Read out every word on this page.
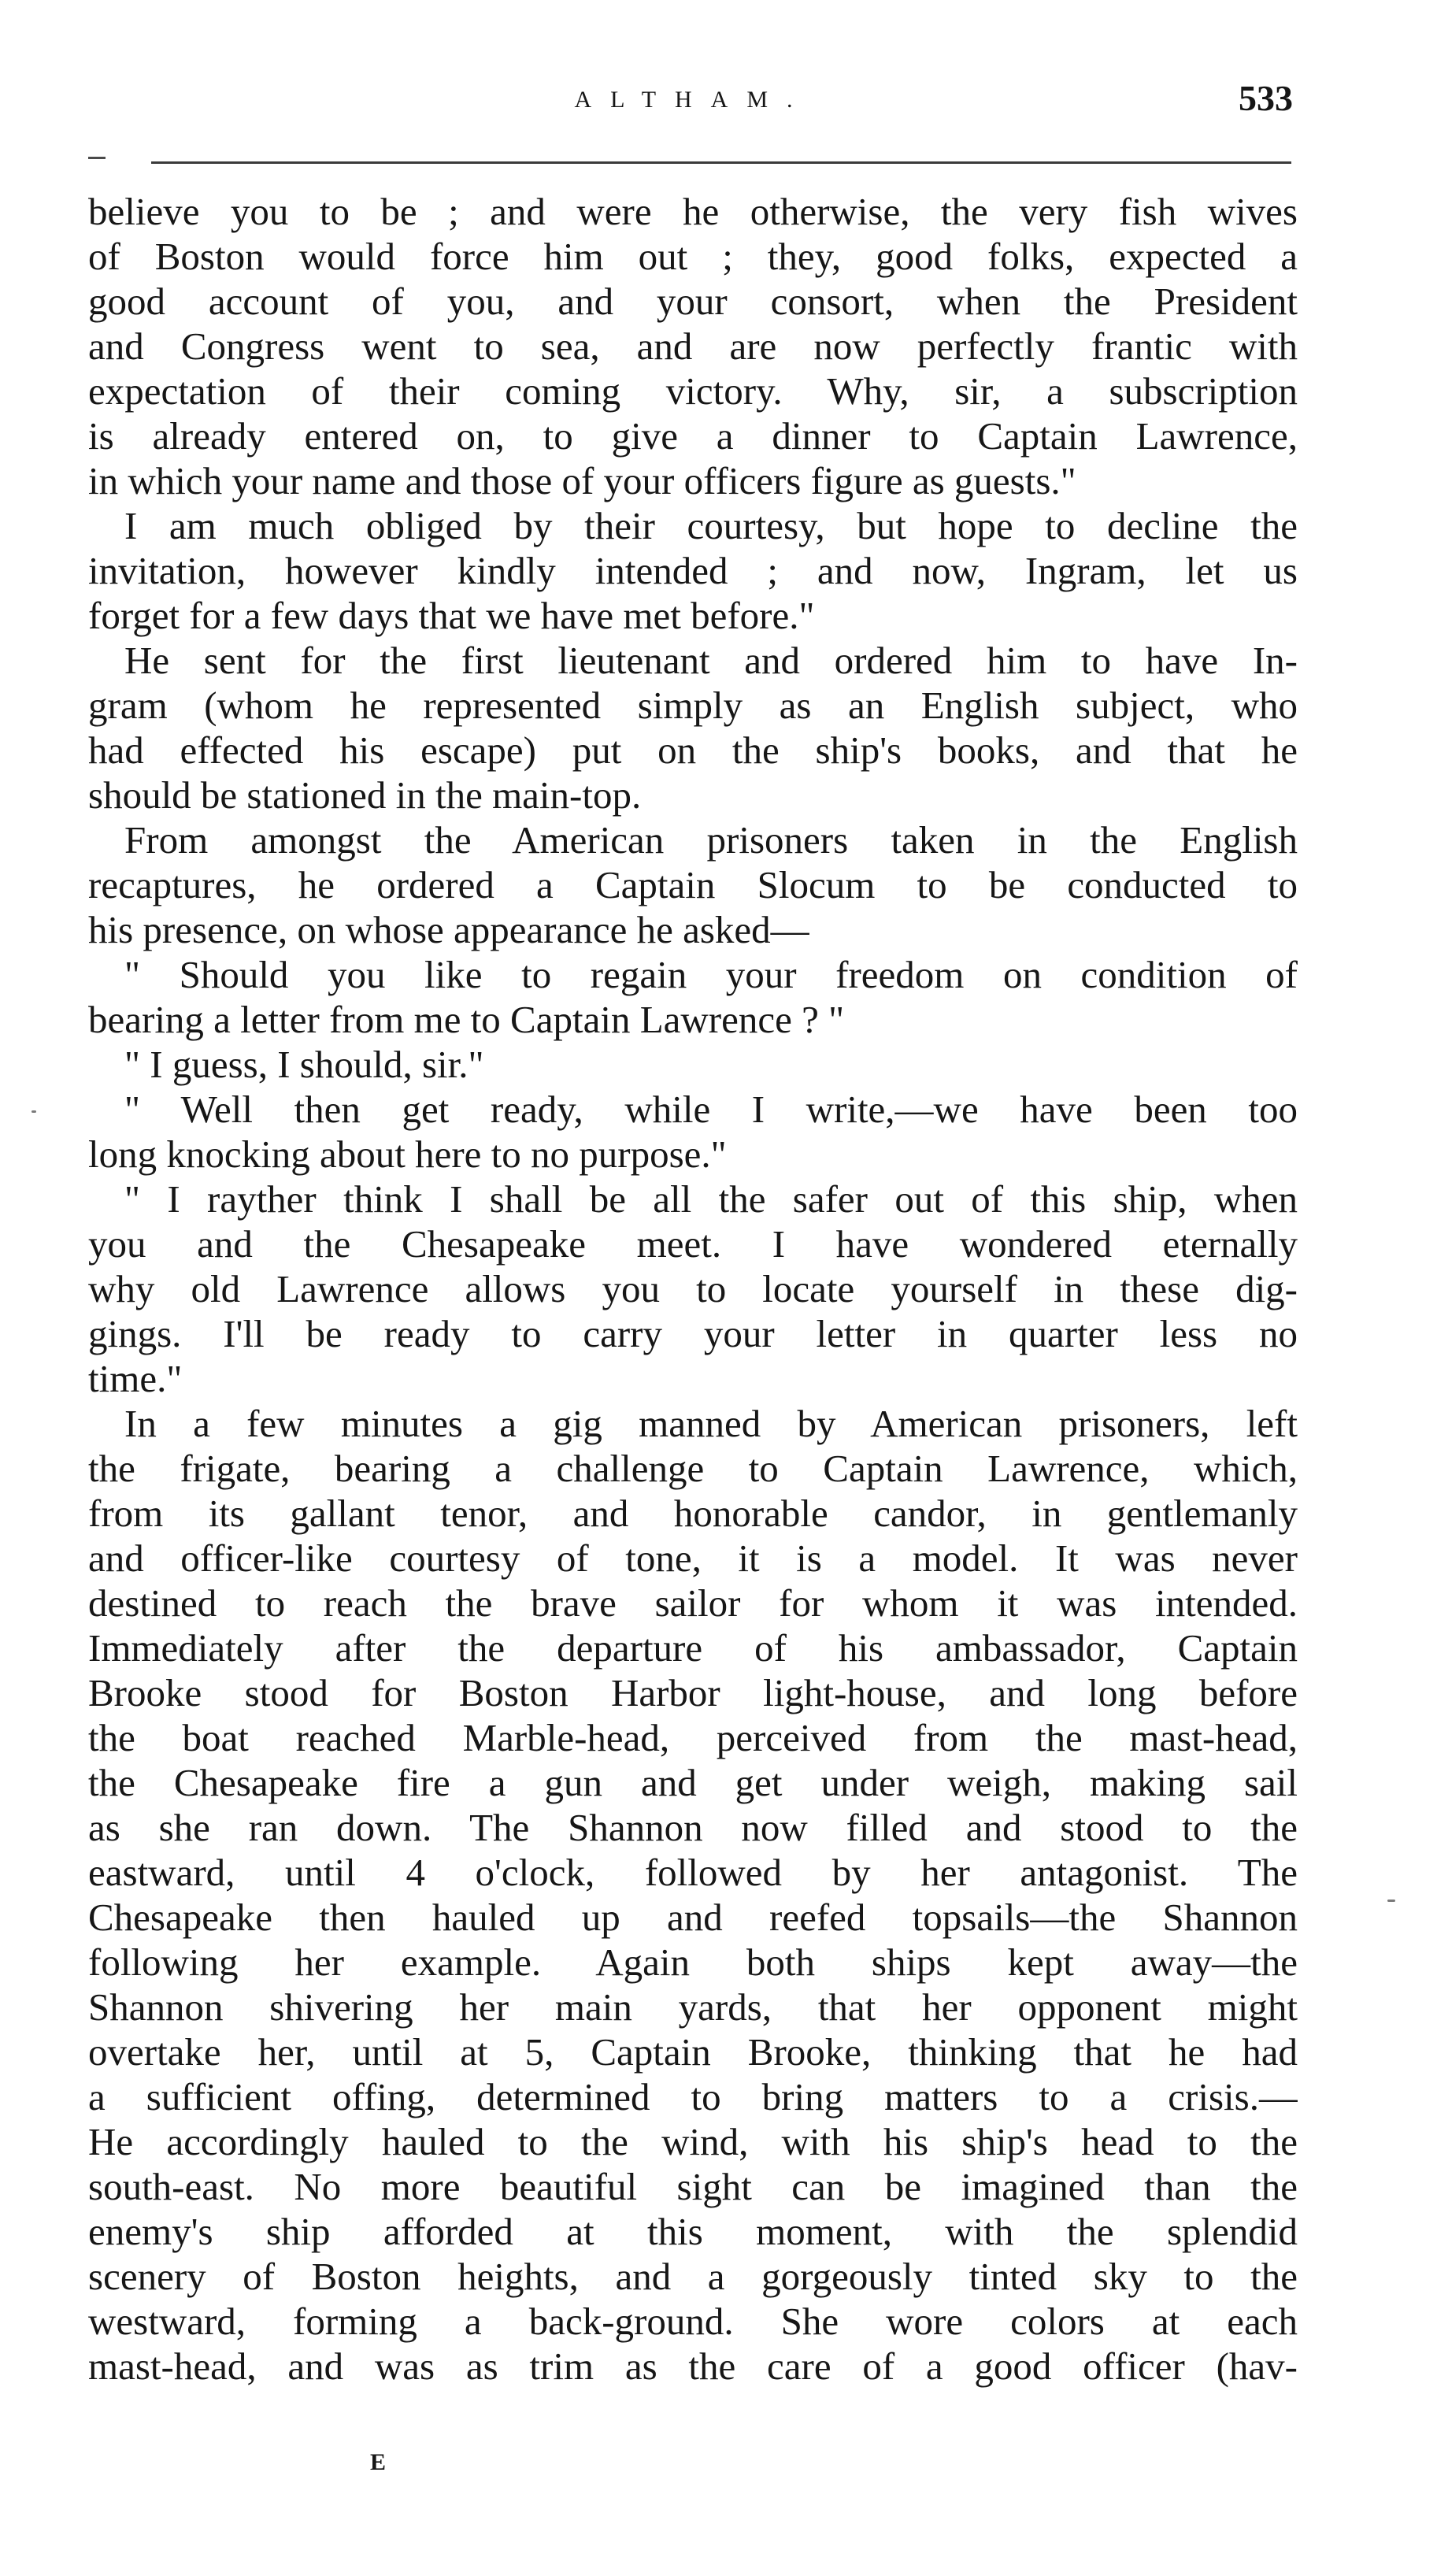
ALTHAM.	533
believe you to be ; and were he otherwise, the very fish wives
of Boston would force him out ; they, good folks, expected a
good account of you, and your consort, when the President
and Congress went to sea, and are now perfectly frantic with
expectation of their coming victory. Why, sir, a subscription
is already entered on, to give a dinner to Captain Lawrence,
in which your name and those of your officers figure as guests."
I am much obliged by their courtesy, but hope to decline the
invitation, however kindly intended ; and now, Ingram, let us
forget for a few days that we have met before."
He sent for the first lieutenant and ordered him to have In-
gram (whom he represented simply as an English subject, who
had effected his escape) put on the ship's books, and that he
should be stationed in the main-top.
From amongst the American prisoners taken in the English
recaptures, he ordered a Captain Slocum to be conducted to
his presence, on whose appearance he asked—
" Should you like to regain your freedom on condition of
bearing a letter from me to Captain Lawrence ? "
" I guess, I should, sir."
" Well then get ready, while I write,—we have been too
long knocking about here to no purpose."
" I rayther think I shall be all the safer out of this ship, when
you and the Chesapeake meet. I have wondered eternally
why old Lawrence allows you to locate yourself in these dig-
gings. I'll be ready to carry your letter in quarter less no
time."
In a few minutes a gig manned by American prisoners, left
the frigate, bearing a challenge to Captain Lawrence, which,
from its gallant tenor, and honorable candor, in gentlemanly
and officer-like courtesy of tone, it is a model. It was never
destined to reach the brave sailor for whom it was intended.
Immediately after the departure of his ambassador, Captain
Brooke stood for Boston Harbor light-house, and long before
the boat reached Marble-head, perceived from the mast-head,
the Chesapeake fire a gun and get under weigh, making sail
as she ran down. The Shannon now filled and stood to the
eastward, until 4 o'clock, followed by her antagonist. The
Chesapeake then hauled up and reefed topsails—the Shannon
following her example. Again both ships kept away—the
Shannon shivering her main yards, that her opponent might
overtake her, until at 5, Captain Brooke, thinking that he had
a sufficient offing, determined to bring matters to a crisis.—
He accordingly hauled to the wind, with his ship's head to the
south-east. No more beautiful sight can be imagined than the
enemy's ship afforded at this moment, with the splendid
scenery of Boston heights, and a gorgeously tinted sky to the
westward, forming a back-ground. She wore colors at each
mast-head, and was as trim as the care of a good officer (hav-
E
